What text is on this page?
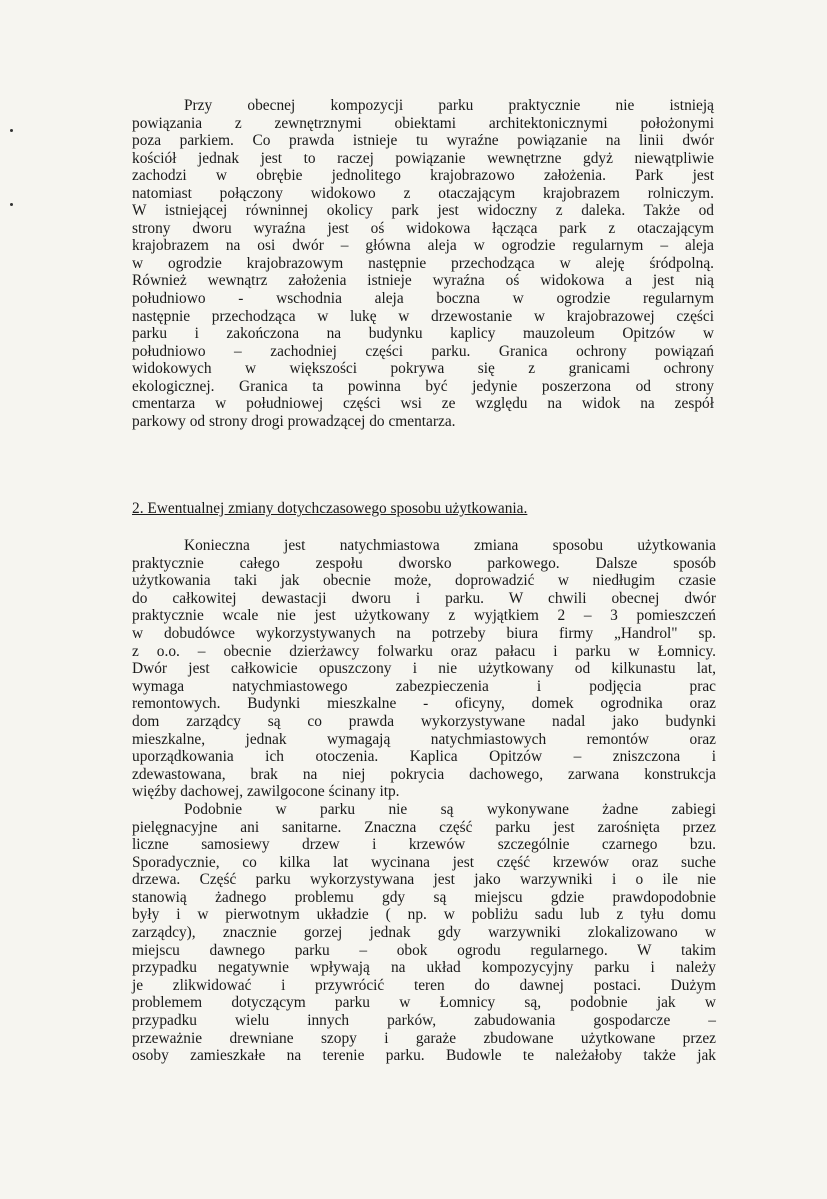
Przy obecnej kompozycji parku praktycznie nie istnieją
powiązania z zewnętrznymi obiektami architektonicznymi położonymi
poza parkiem. Co prawda istnieje tu wyraźne powiązanie na linii dwór
kościół jednak jest to raczej powiązanie wewnętrzne gdyż niewątpliwie
zachodzi w obrębie jednolitego krajobrazowo założenia. Park jest
natomiast połączony widokowo z otaczającym krajobrazem rolniczym.
W istniejącej równinnej okolicy park jest widoczny z daleka. Także od
strony dworu wyraźna jest oś widokowa łącząca park z otaczającym
krajobrazem na osi dwór – główna aleja w ogrodzie regularnym – aleja
w ogrodzie krajobrazowym następnie przechodząca w aleję śródpolną.
Również wewnątrz założenia istnieje wyraźna oś widokowa a jest nią
południowo - wschodnia aleja boczna w ogrodzie regularnym
następnie przechodząca w lukę w drzewostanie w krajobrazowej części
parku i zakończona na budynku kaplicy mauzoleum Opitzów w
południowo – zachodniej części parku. Granica ochrony powiązań
widokowych w większości pokrywa się z granicami ochrony
ekologicznej. Granica ta powinna być jedynie poszerzona od strony
cmentarza w południowej części wsi ze względu na widok na zespół
parkowy od strony drogi prowadzącej do cmentarza.

2. Ewentualnej zmiany dotychczasowego sposobu użytkowania.

Konieczna jest natychmiastowa zmiana sposobu użytkowania
praktycznie całego zespołu dworsko parkowego. Dalsze sposób
użytkowania taki jak obecnie może, doprowadzić w niedługim czasie
do całkowitej dewastacji dworu i parku. W chwili obecnej dwór
praktycznie wcale nie jest użytkowany z wyjątkiem 2 – 3 pomieszczeń
w dobudówce wykorzystywanych na potrzeby biura firmy „Handrol" sp.
z o.o. – obecnie dzierżawcy folwarku oraz pałacu i parku w Łomnicy.
Dwór jest całkowicie opuszczony i nie użytkowany od kilkunastu lat,
wymaga natychmiastowego zabezpieczenia i podjęcia prac
remontowych. Budynki mieszkalne - oficyny, domek ogrodnika oraz
dom zarządcy są co prawda wykorzystywane nadal jako budynki
mieszkalne, jednak wymagają natychmiastowych remontów oraz
uporządkowania ich otoczenia. Kaplica Opitzów – zniszczona i
zdewastowana, brak na niej pokrycia dachowego, zarwana konstrukcja
więźby dachowej, zawilgocone ścinany itp.
Podobnie w parku nie są wykonywane żadne zabiegi
pielęgnacyjne ani sanitarne. Znaczna część parku jest zarośnięta przez
liczne samosiewy drzew i krzewów szczególnie czarnego bzu.
Sporadycznie, co kilka lat wycinana jest część krzewów oraz suche
drzewa. Część parku wykorzystywana jest jako warzywniki i o ile nie
stanowią żadnego problemu gdy są miejscu gdzie prawdopodobnie
były i w pierwotnym układzie ( np. w pobliżu sadu lub z tyłu domu
zarządcy), znacznie gorzej jednak gdy warzywniki zlokalizowano w
miejscu dawnego parku – obok ogrodu regularnego. W takim
przypadku negatywnie wpływają na układ kompozycyjny parku i należy
je zlikwidować i przywrócić teren do dawnej postaci. Dużym
problemem dotyczącym parku w Łomnicy są, podobnie jak w
przypadku wielu innych parków, zabudowania gospodarcze –
przeważnie drewniane szopy i garaże zbudowane użytkowane przez
osoby zamieszkałe na terenie parku. Budowle te należałoby także jak
